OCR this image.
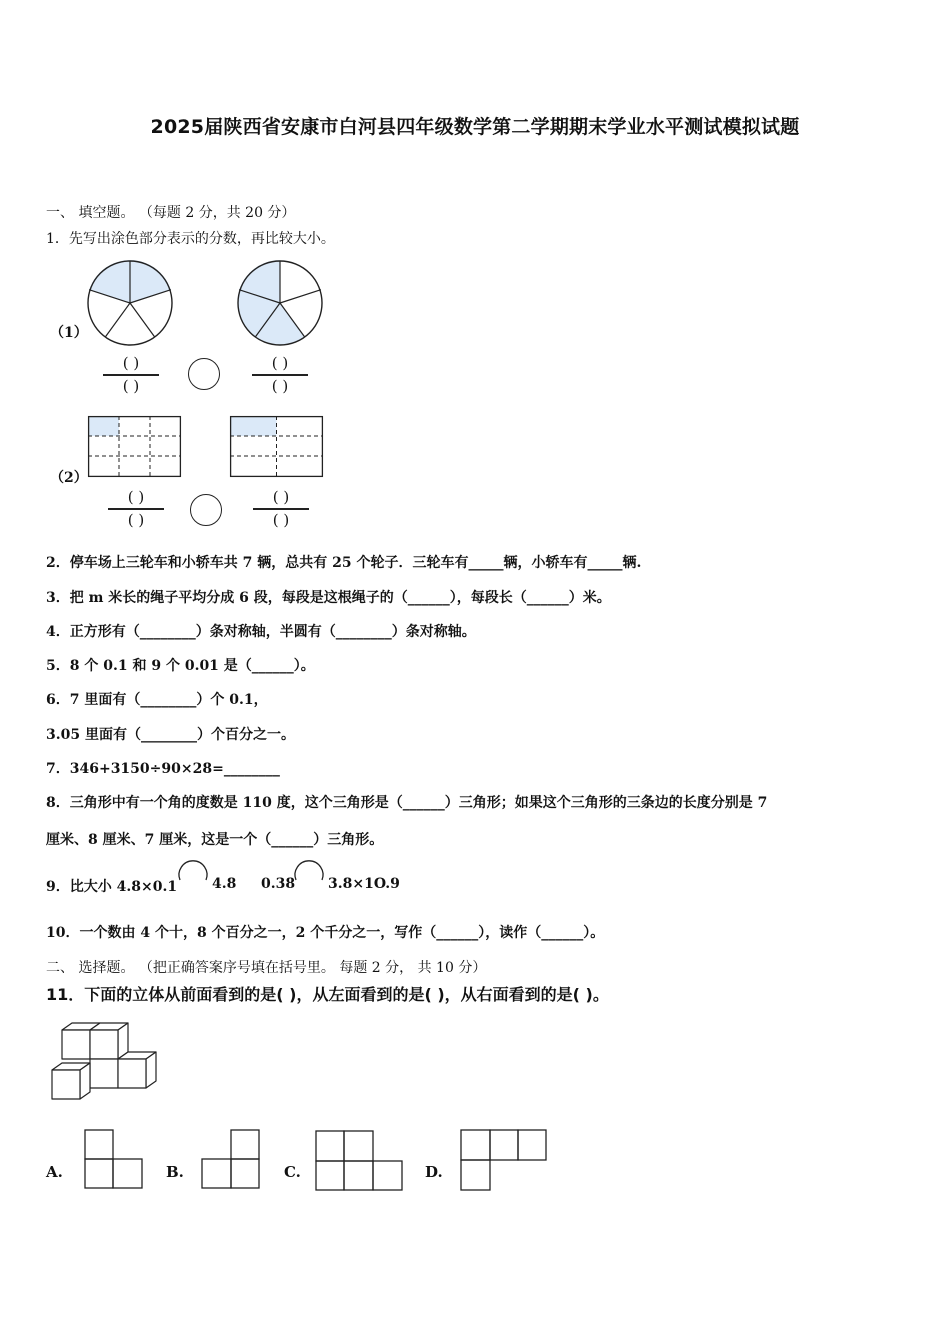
2025届陕西省安康市白河县四年级数学第二学期期末学业水平测试模拟试题
一、 填空题。 （每题 2 分，共 20 分）
1．先写出涂色部分表示的分数，再比较大小。
（1）
( )
( )
( )
( )
（2）
( )
( )
( )
( )
2．停车场上三轮车和小轿车共 7 辆，总共有 25 个轮子．三轮车有_____辆，小轿车有_____辆.
3．把 m 米长的绳子平均分成 6 段，每段是这根绳子的（______），每段长（______）米。
4．正方形有（________）条对称轴，半圆有（________）条对称轴。
5．8 个 0.1 和 9 个 0.01 是（______）。
6．7 里面有（________）个 0.1，
3.05 里面有（________）个百分之一。
7．346+3150÷90×28=________
8．三角形中有一个角的度数是 110 度，这个三角形是（______）三角形；如果这个三角形的三条边的长度分别是 7
厘米、8 厘米、7 厘米，这是一个（______）三角形。
9．比大小 4.8×0.1 4.8 0.38 3.8×1O.9
10．一个数由 4 个十，8 个百分之一，2 个千分之一，写作（______），读作（______）。
二、 选择题。 （把正确答案序号填在括号里。 每题 2 分， 共 10 分）
11．下面的立体从前面看到的是( )，从左面看到的是( )，从右面看到的是( )。
A.	B.	C.	D.
